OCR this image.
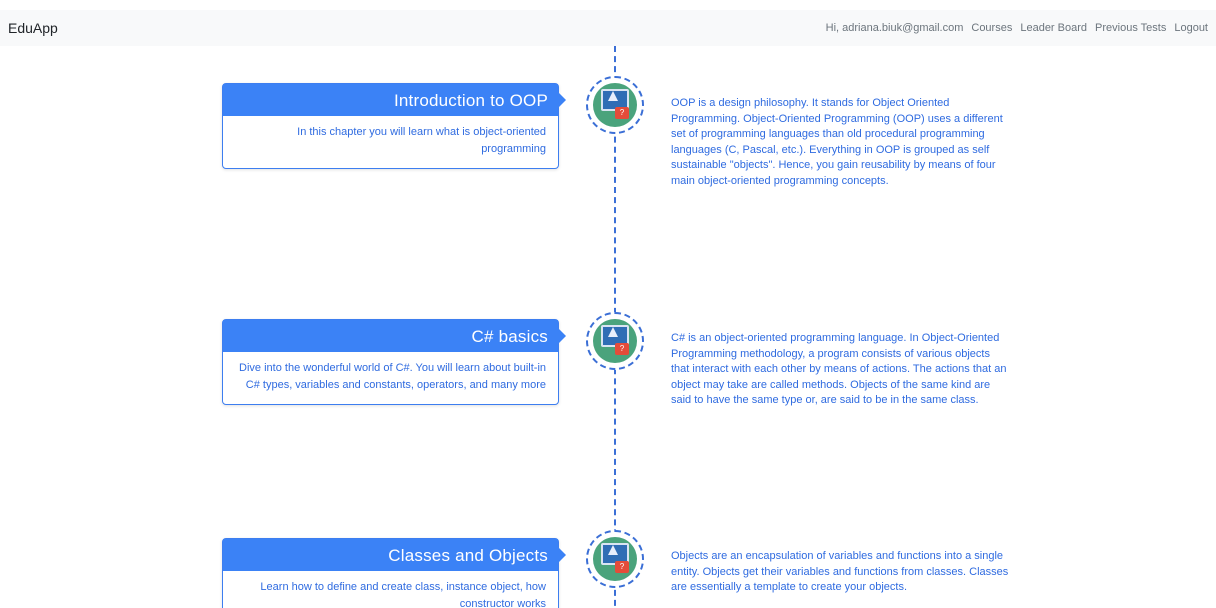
EduApp	Hi, adriana.biuk@gmail.com Courses Leader Board Previous Tests Logout
Introduction to OOP
In this chapter you will learn what is object-oriented programming
?
OOP is a design philosophy. It stands for Object Oriented Programming. Object-Oriented Programming (OOP) uses a different set of programming languages than old procedural programming languages (C, Pascal, etc.). Everything in OOP is grouped as self sustainable "objects". Hence, you gain reusability by means of four main object-oriented programming concepts.
C# basics
Dive into the wonderful world of C#. You will learn about built-in C# types, variables and constants, operators, and many more
?
C# is an object-oriented programming language. In Object-Oriented Programming methodology, a program consists of various objects that interact with each other by means of actions. The actions that an object may take are called methods. Objects of the same kind are said to have the same type or, are said to be in the same class.
Classes and Objects
Learn how to define and create class, instance object, how constructor works
?
Objects are an encapsulation of variables and functions into a single entity. Objects get their variables and functions from classes. Classes are essentially a template to create your objects.
